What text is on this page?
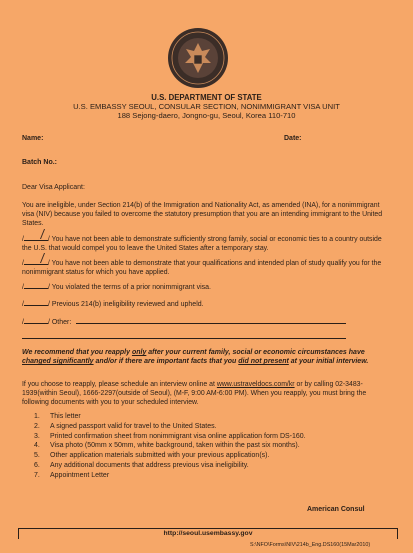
U.S. DEPARTMENT OF STATE
U.S. EMBASSY SEOUL, CONSULAR SECTION, NONIMMIGRANT VISA UNIT
188 Sejong-daero, Jongno-gu, Seoul, Korea 110-710
Name:	Date:
Batch No.:
Dear Visa Applicant:
You are ineligible, under Section 214(b) of the Immigration and Nationality Act, as amended (INA), for a nonimmigrant visa (NIV) because you failed to overcome the statutory presumption that you are an intending immigrant to the United States.
/	/ You have not been able to demonstrate sufficiently strong family, social or economic ties to a country outside the U.S. that would compel you to leave the United States after a temporary stay.
/	/ You have not been able to demonstrate that your qualifications and intended plan of study qualify you for the nonimmigrant status for which you have applied.
/	/ You violated the terms of a prior nonimmigrant visa.
/	/ Previous 214(b) ineligibility reviewed and upheld.
/	/ Other:
We recommend that you reapply only after your current family, social or economic circumstances have changed significantly and/or if there are important facts that you did not present at your initial interview.
If you choose to reapply, please schedule an interview online at www.ustraveldocs.com/kr or by calling 02-3483-1939(within Seoul), 1666-2297(outside of Seoul), (M-F, 9:00 AM-6:00 PM). When you reapply, you must bring the following documents with you to your scheduled interview.
1. This letter
2. A signed passport valid for travel to the United States.
3. Printed confirmation sheet from nonimmigrant visa online application form DS-160.
4. Visa photo (50mm x 50mm, white background, taken within the past six months).
5. Other application materials submitted with your previous application(s).
6. Any additional documents that address previous visa ineligibility.
7. Appointment Letter
American Consul
http://seoul.usembassy.gov
S:\NFO\Forms\NIV\214b_Eng.DS160(15Mar2010)
